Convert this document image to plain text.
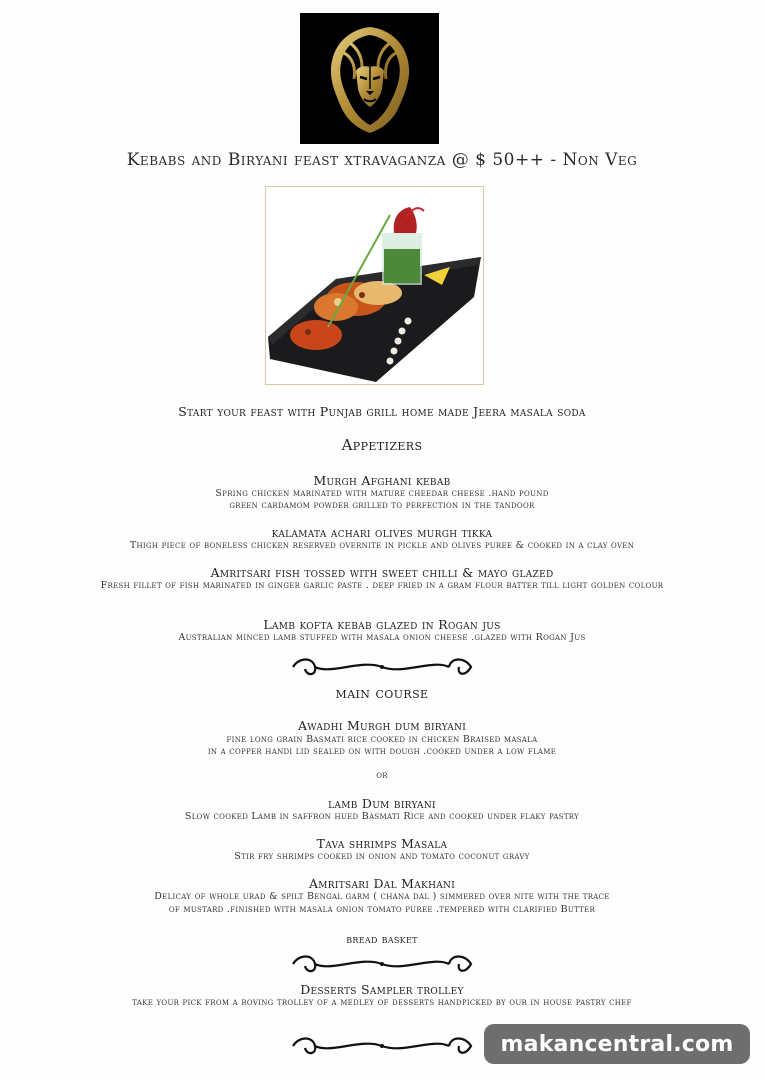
Kebabs and Biryani feast xtravaganza @ $ 50++ - Non Veg
Start your feast with Punjab grill home made Jeera masala soda
Appetizers
Murgh Afghani kebab
Spring chicken marinated with mature cheedar cheese .hand pound
green cardamom powder grilled to perfection in the tandoor
kalamata achari olives murgh tikka
Thigh piece of boneless chicken reserved overnite in pickle and olives puree & cooked in a clay oven
Amritsari fish tossed with sweet chilli & mayo glazed
Fresh fillet of fish marinated in ginger garlic paste . deep fried in a gram flour batter till light golden colour
Lamb kofta kebab glazed in Rogan jus
Australian minced lamb stuffed with masala onion cheese .glazed with Rogan Jus
main course
Awadhi Murgh dum biryani
fine long grain Basmati rice cooked in chicken Braised masala
in a copper handi lid sealed on with dough .cooked under a low flame
or
lamb Dum biryani
Slow cooked Lamb in saffron hued Basmati Rice and cooked under flaky pastry
Tava shrimps Masala
Stir fry shrimps cooked in onion and tomato coconut gravy
Amritsari Dal Makhani
Delicay of whole urad & spilt Bengal garm ( chana dal ) simmered over nite with the trace
of mustard .finished with masala onion tomato puree .tempered with clarified Butter
bread basket
Desserts Sampler trolley
take your pick from a roving trolley of a medley of desserts handpicked by our in house pastry chef
makancentral.com
